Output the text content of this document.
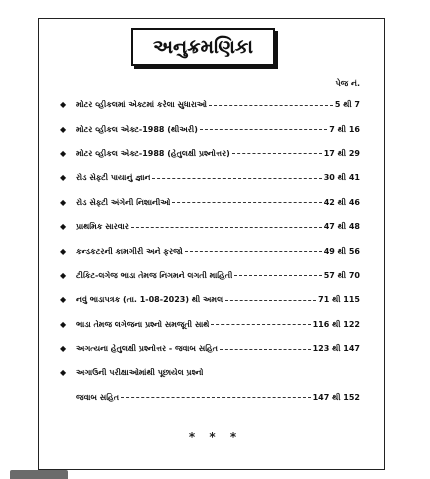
અનુક્રમણિકા
પેજ નં.
◆	મોટર વ્હીકલમાં એક્ટમાં કરેલા સુધારાઓ	5 થી 7
◆	મોટર વ્હીકલ એક્ટ-1988 (થીઅરી)	7 થી 16
◆	મોટર વ્હીકલ એક્ટ-1988 (હેતુલક્ષી પ્રશ્નોત્તર)	17 થી 29
◆	રોડ સેફ્ટી પાયાનું જ્ઞાન	30 થી 41
◆	રોડ સેફ્ટી અંગેની નિશાનીઓ	42 થી 46
◆	પ્રાથમિક સારવાર	47 થી 48
◆	કન્ડકટરની કામગીરી અને ફરજો	49 થી 56
◆	ટીકિટ-લગેજ ભાડા તેમજ નિગમને લગતી માહિતી	57 થી 70
◆	નવું ભાડાપત્રક (તા. 1-08-2023) થી અમલ	71 થી 115
◆	ભાડા તેમજ લગેજના પ્રશ્નો સમજૂતી સાથે	116 થી 122
◆	અગત્યના હેતુલક્ષી પ્રશ્નોત્તર - જવાબ સહિત	123 થી 147
◆	અગાઉની પરીક્ષાઓમાંથી પૂછાયેલ પ્રશ્નો
જવાબ સહિત	147 થી 152
* * *
